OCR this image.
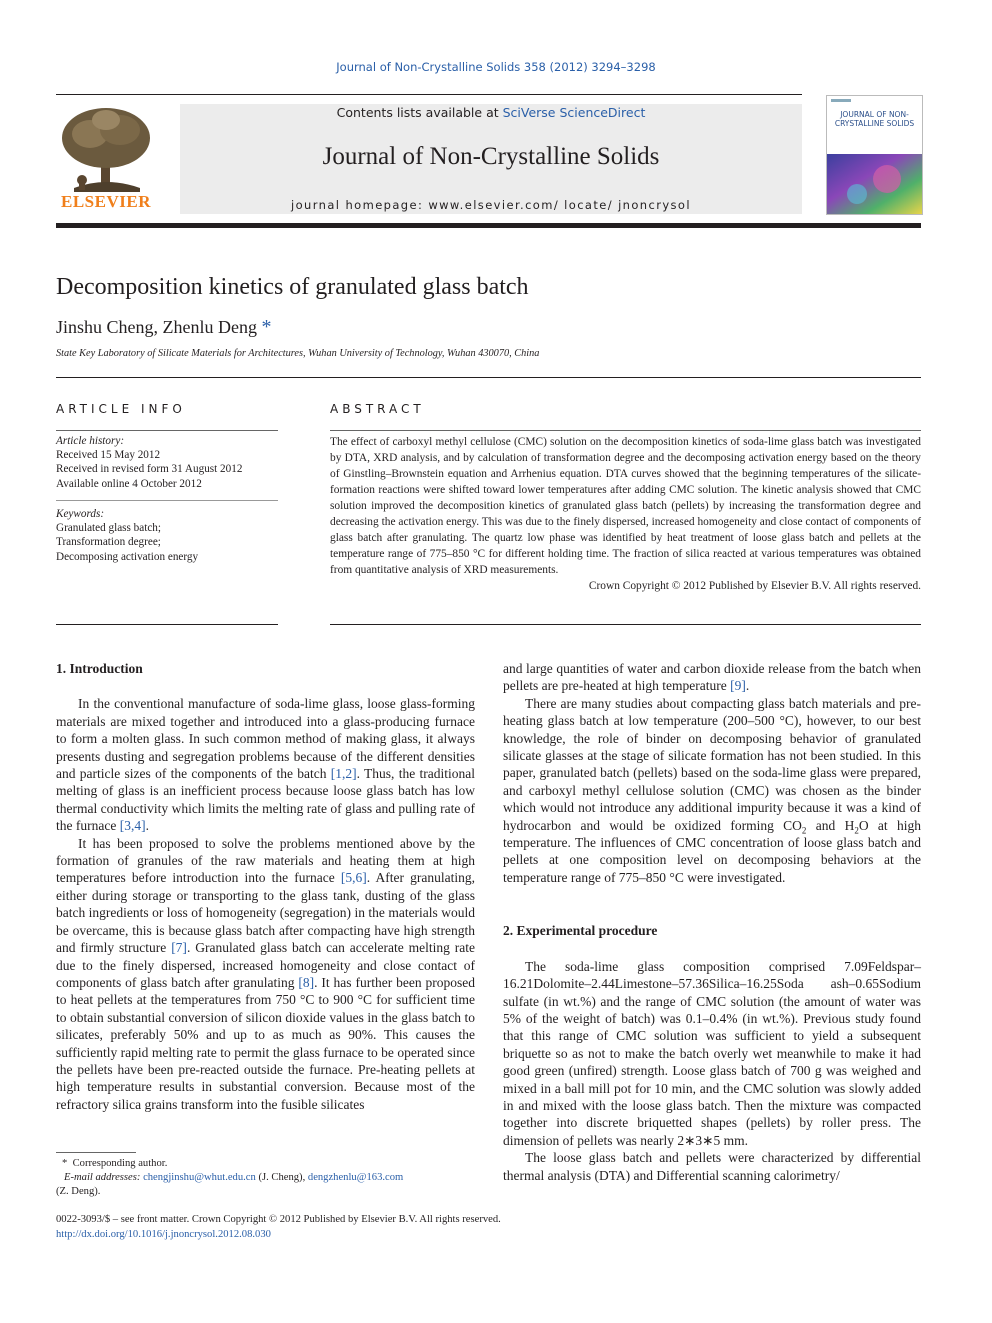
Journal of Non-Crystalline Solids 358 (2012) 3294–3298
ELSEVIER
Contents lists available at SciVerse ScienceDirect
Journal of Non-Crystalline Solids
journal homepage: www.elsevier.com/ locate/ jnoncrysol
JOURNAL OF NON-CRYSTALLINE SOLIDS
Decomposition kinetics of granulated glass batch
Jinshu Cheng, Zhenlu Deng *
State Key Laboratory of Silicate Materials for Architectures, Wuhan University of Technology, Wuhan 430070, China
ARTICLE INFO
Article history:
Received 15 May 2012
Received in revised form 31 August 2012
Available online 4 October 2012
Keywords:
Granulated glass batch;
Transformation degree;
Decomposing activation energy
ABSTRACT
The effect of carboxyl methyl cellulose (CMC) solution on the decomposition kinetics of soda-lime glass batch was investigated by DTA, XRD analysis, and by calculation of transformation degree and the decomposing activation energy based on the theory of Ginstling–Brownstein equation and Arrhenius equation. DTA curves showed that the beginning temperatures of the silicate-formation reactions were shifted toward lower temperatures after adding CMC solution. The kinetic analysis showed that CMC solution improved the decomposition kinetics of granulated glass batch (pellets) by increasing the transformation degree and decreasing the activation energy. This was due to the finely dispersed, increased homogeneity and close contact of components of glass batch after granulating. The quartz low phase was identified by heat treatment of loose glass batch and pellets at the temperature range of 775–850 °C for different holding time. The fraction of silica reacted at various temperatures was obtained from quantitative analysis of XRD measurements.
Crown Copyright © 2012 Published by Elsevier B.V. All rights reserved.
1. Introduction

In the conventional manufacture of soda-lime glass, loose glass-forming materials are mixed together and introduced into a glass-producing furnace to form a molten glass. In such common method of making glass, it always presents dusting and segregation problems because of the different densities and particle sizes of the components of the batch [1,2]. Thus, the traditional melting of glass is an inefficient process because loose glass batch has low thermal conductivity which limits the melting rate of glass and pulling rate of the furnace [3,4].

It has been proposed to solve the problems mentioned above by the formation of granules of the raw materials and heating them at high temperatures before introduction into the furnace [5,6]. After granulating, either during storage or transporting to the glass tank, dusting of the glass batch ingredients or loss of homogeneity (segregation) in the materials would be overcame, this is because glass batch after compacting have high strength and firmly structure [7]. Granulated glass batch can accelerate melting rate due to the finely dispersed, increased homogeneity and close contact of components of glass batch after granulating [8]. It has further been proposed to heat pellets at the temperatures from 750 °C to 900 °C for sufficient time to obtain substantial conversion of silicon dioxide values in the glass batch to silicates, preferably 50% and up to as much as 90%. This causes the sufficiently rapid melting rate to permit the glass furnace to be operated since the pellets have been pre-reacted outside the furnace. Pre-heating pellets at high temperature results in substantial conversion. Because most of the refractory silica grains transform into the fusible silicates

* Corresponding author.
E-mail addresses: chengjinshu@whut.edu.cn (J. Cheng), dengzhenlu@163.com
(Z. Deng).

and large quantities of water and carbon dioxide release from the batch when pellets are pre-heated at high temperature [9].

There are many studies about compacting glass batch materials and pre-heating glass batch at low temperature (200–500 °C), however, to our best knowledge, the role of binder on decomposing behavior of granulated silicate glasses at the stage of silicate formation has not been studied. In this paper, granulated batch (pellets) based on the soda-lime glass were prepared, and carboxyl methyl cellulose solution (CMC) was chosen as the binder which would not introduce any additional impurity because it was a kind of hydrocarbon and would be oxidized forming $CO_2$ and $H_2O$ at high temperature. The influences of CMC concentration of loose glass batch and pellets at one composition level on decomposing behaviors at the temperature range of 775–850 °C were investigated.

2. Experimental procedure

The soda-lime glass composition comprised 7.09Feldspar–16.21Dolomite–2.44Limestone–57.36Silica–16.25Soda ash–0.65Sodium sulfate (in wt.%) and the range of CMC solution (the amount of water was 5% of the weight of batch) was 0.1–0.4% (in wt.%). Previous study found that this range of CMC solution was sufficient to yield a subsequent briquette so as not to make the batch overly wet meanwhile to make it had good green (unfired) strength. Loose glass batch of 700 g was weighed and mixed in a ball mill pot for 10 min, and the CMC solution was slowly added in and mixed with the loose glass batch. Then the mixture was compacted together into discrete briquetted shapes (pellets) by roller press. The dimension of pellets was nearly 2∗3∗5 mm.

The loose glass batch and pellets were characterized by differential thermal analysis (DTA) and Differential scanning calorimetry/

0022-3093/$ – see front matter. Crown Copyright © 2012 Published by Elsevier B.V. All rights reserved.
http://dx.doi.org/10.1016/j.jnoncrysol.2012.08.030
